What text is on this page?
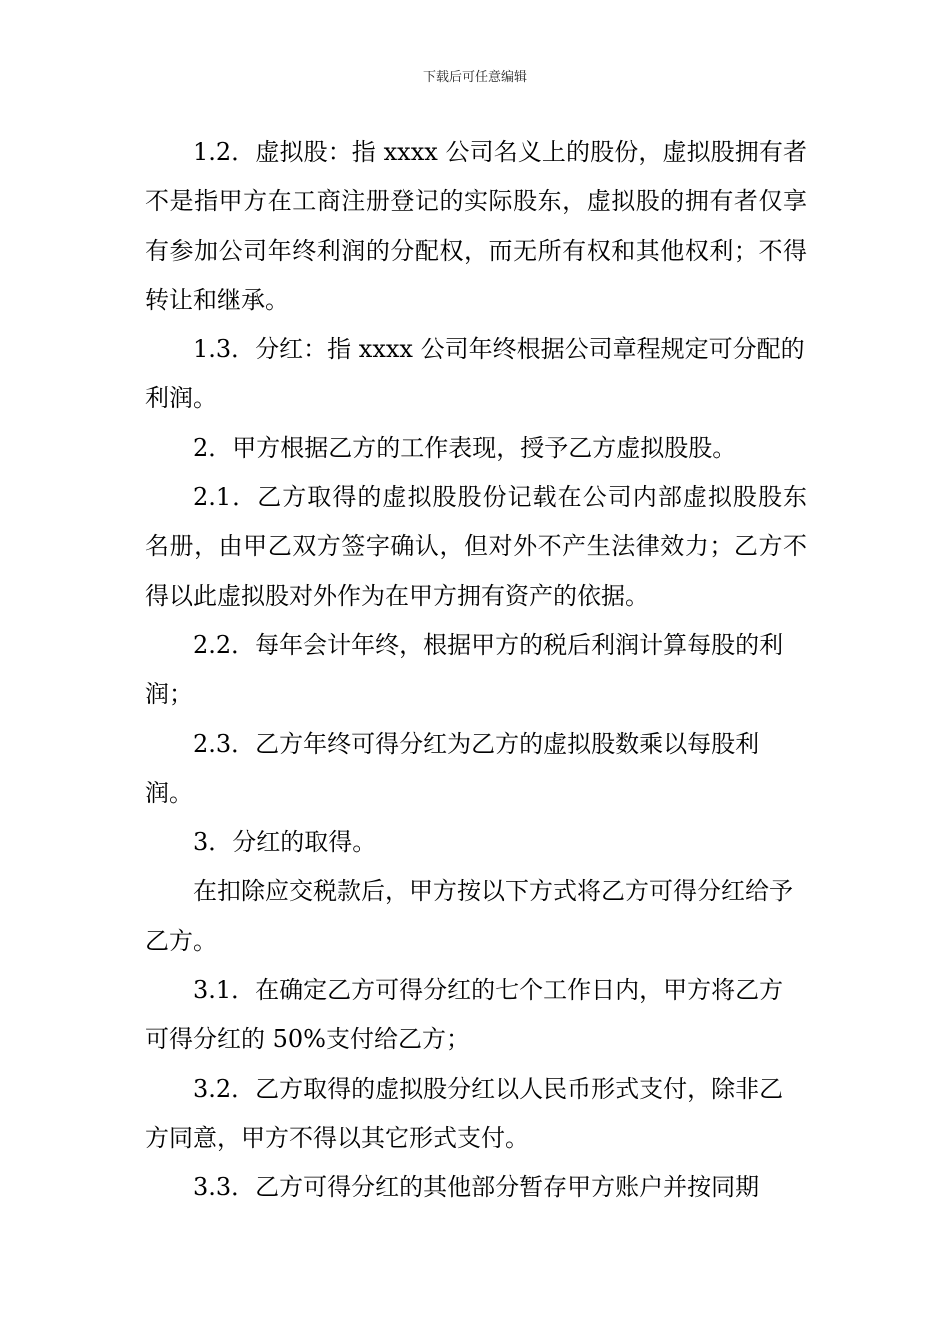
下载后可任意编辑

1.2．虚拟股：指 xxxx 公司名义上的股份，虚拟股拥有者不是指甲方在工商注册登记的实际股东，虚拟股的拥有者仅享有参加公司年终利润的分配权，而无所有权和其他权利；不得转让和继承。

1.3．分红：指 xxxx 公司年终根据公司章程规定可分配的利润。

2．甲方根据乙方的工作表现，授予乙方虚拟股股。

2.1．乙方取得的虚拟股股份记载在公司内部虚拟股股东名册，由甲乙双方签字确认，但对外不产生法律效力；乙方不得以此虚拟股对外作为在甲方拥有资产的依据。

2.2．每年会计年终，根据甲方的税后利润计算每股的利润；

2.3．乙方年终可得分红为乙方的虚拟股数乘以每股利润。

3．分红的取得。

在扣除应交税款后，甲方按以下方式将乙方可得分红给予乙方。

3.1．在确定乙方可得分红的七个工作日内，甲方将乙方可得分红的 50%支付给乙方；

3.2．乙方取得的虚拟股分红以人民币形式支付，除非乙方同意，甲方不得以其它形式支付。

3.3．乙方可得分红的其他部分暂存甲方账户并按同期
